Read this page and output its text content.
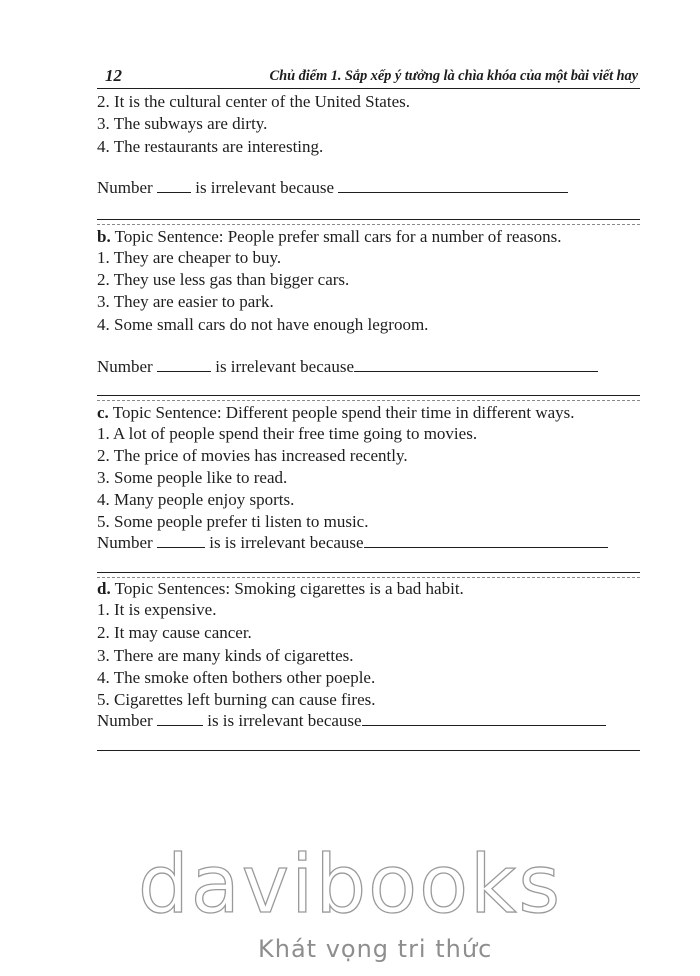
12	Chủ điểm 1. Sắp xếp ý tưởng là chìa khóa của một bài viết hay
2. It is the cultural center of the United States.
3. The subways are dirty.
4. The restaurants are interesting.
Number	is irrelevant because
b. Topic Sentence: People prefer small cars for a number of reasons.
1. They are cheaper to buy.
2. They use less gas than bigger cars.
3. They are easier to park.
4. Some small cars do not have enough legroom.
Number	is irrelevant because
c. Topic Sentence: Different people spend their time in different ways.
1. A lot of people spend their free time going to movies.
2. The price of movies has increased recently.
3. Some people like to read.
4. Many people enjoy sports.
5. Some people prefer ti listen to music.
Number	is is irrelevant because
d. Topic Sentences: Smoking cigarettes is a bad habit.
1. It is expensive.
2. It may cause cancer.
3. There are many kinds of cigarettes.
4. The smoke often bothers other poeple.
5. Cigarettes left burning can cause fires.
Number	is is irrelevant because
davibooks
Khát vọng tri thức
